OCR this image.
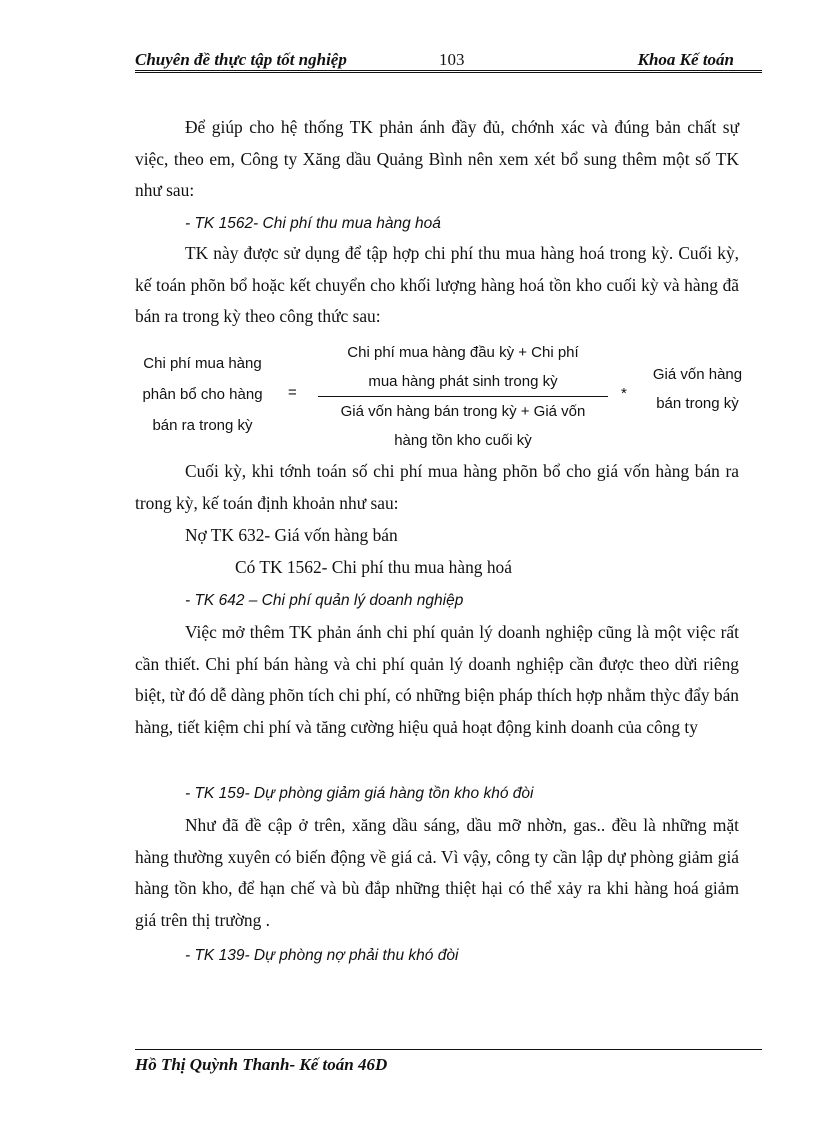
Chuyên đề thực tập tốt nghiệp	103	Khoa Kế toán
Để giúp cho hệ thống TK phản ánh đầy đủ, chớnh xác và đúng bản chất sự việc, theo em, Công ty Xăng dầu Quảng Bình nên xem xét bổ sung thêm một số TK như sau:
- TK 1562- Chi phí thu mua hàng hoá
TK này được sử dụng để tập hợp chi phí thu mua hàng hoá trong kỳ. Cuối kỳ, kế toán phõn bổ hoặc kết chuyển cho khối lượng hàng hoá tồn kho cuối kỳ và hàng đã bán ra trong kỳ theo công thức sau:
Chi phí mua hàng
phân bổ cho hàng
bán ra trong kỳ
=
Chi phí mua hàng đầu kỳ + Chi phí
mua hàng phát sinh trong kỳ
Giá vốn hàng bán trong kỳ + Giá vốn
hàng tồn kho cuối kỳ
*
Giá vốn hàng
bán trong kỳ
Cuối kỳ, khi tớnh toán số chi phí mua hàng phõn bổ cho giá vốn hàng bán ra trong kỳ, kế toán định khoản như sau:
Nợ TK 632- Giá vốn hàng bán
Có TK 1562- Chi phí thu mua hàng hoá
- TK 642 – Chi phí quản lý doanh nghiệp
Việc mở thêm TK phản ánh chi phí quản lý doanh nghiệp cũng là một việc rất cần thiết. Chi phí bán hàng và chi phí quản lý doanh nghiệp cần được theo dừi riêng biệt, từ đó dễ dàng phõn tích chi phí, có những biện pháp thích hợp nhằm thỳc đẩy bán hàng, tiết kiệm chi phí và tăng cường hiệu quả hoạt động kinh doanh của công ty
- TK 159- Dự phòng giảm giá hàng tồn kho khó đòi
Như đã đề cập ở trên, xăng dầu sáng, dầu mỡ nhờn, gas.. đều là những mặt hàng thường xuyên có biến động về giá cả. Vì vậy, công ty cần lập dự phòng giảm giá hàng tồn kho, để hạn chế và bù đắp những thiệt hại có thể xảy ra khi hàng hoá giảm giá trên thị trường .
- TK 139- Dự phòng nợ phải thu khó đòi
Hồ Thị Quỳnh Thanh- Kế toán 46D
